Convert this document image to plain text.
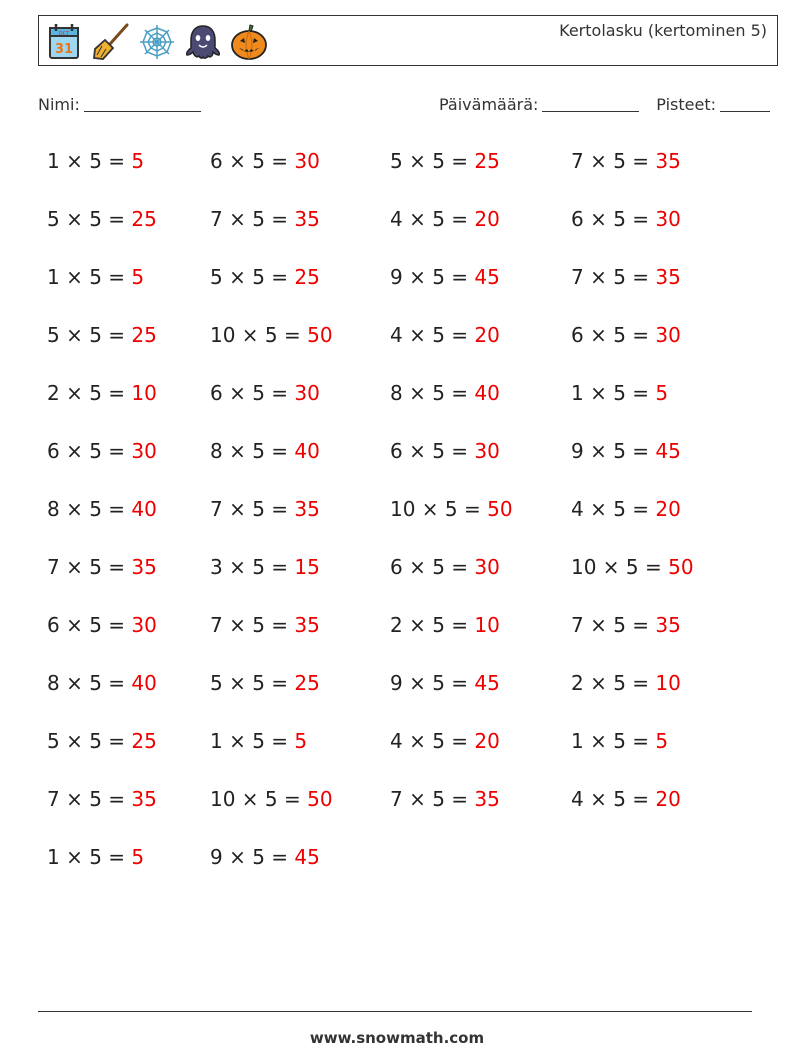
OCT
31
Kertolasku (kertominen 5)
Nimi:	Päivämäärä:	Pisteet:
1 × 5 = 5	6 × 5 = 30	5 × 5 = 25	7 × 5 = 35
5 × 5 = 25	7 × 5 = 35	4 × 5 = 20	6 × 5 = 30
1 × 5 = 5	5 × 5 = 25	9 × 5 = 45	7 × 5 = 35
5 × 5 = 25	10 × 5 = 50	4 × 5 = 20	6 × 5 = 30
2 × 5 = 10	6 × 5 = 30	8 × 5 = 40	1 × 5 = 5
6 × 5 = 30	8 × 5 = 40	6 × 5 = 30	9 × 5 = 45
8 × 5 = 40	7 × 5 = 35	10 × 5 = 50	4 × 5 = 20
7 × 5 = 35	3 × 5 = 15	6 × 5 = 30	10 × 5 = 50
6 × 5 = 30	7 × 5 = 35	2 × 5 = 10	7 × 5 = 35
8 × 5 = 40	5 × 5 = 25	9 × 5 = 45	2 × 5 = 10
5 × 5 = 25	1 × 5 = 5	4 × 5 = 20	1 × 5 = 5
7 × 5 = 35	10 × 5 = 50	7 × 5 = 35	4 × 5 = 20
1 × 5 = 5	9 × 5 = 45
www.snowmath.com
